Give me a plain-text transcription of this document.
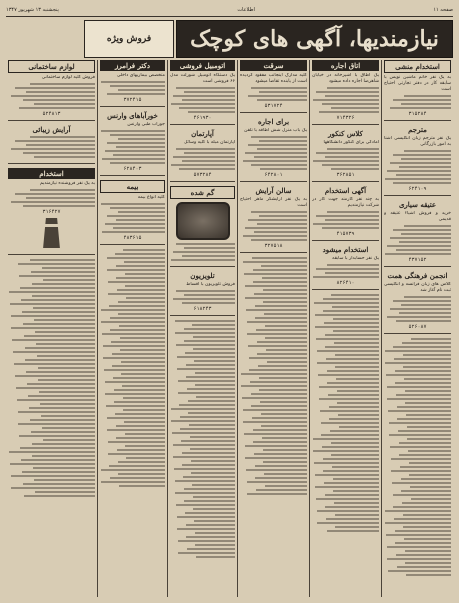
صفحه ۱۱
اطلاعات
پنجشنبه ۱۳ شهریور ۱۳۴۷
نیازمندیها، آگهی های کوچک
فروش ویژه
استخدام منشی
به یک نفر خانم ماشین نویس با سابقه کار در دفتر تجارتی احتیاج است
۳۱۵۲۸۴
مترجم
یک نفر مترجم زبان انگلیسی آشنا به امور بازرگانی
۶۲۴۱۰۹
عتیقه سیاری
خرید و فروش اشیاء عتیقه و قدیمی
۴۳۷۱۵۲
انجمن فرهنگی همت
کلاس های زبان فرانسه و انگلیسی ثبت نام آغاز شد
۵۲۶۰۸۷
اتاق اجاره
یک اطاق با آشپزخانه در خیابان شاهرضا اجاره داده میشود
۷۱۴۳۲۶
کلاس کنکور
آمادگی برای کنکور دانشگاهها
۳۶۲۸۵۱
آگهی استخدام
به چند نفر کارمند جهت کار در شرکت نیازمندیم
۴۱۵۷۳۹
استخدام میشود
یک نفر حسابدار با سابقه
۸۲۶۴۱۰
سرقت
کلیه مدارک اینجانب مفقود گردیده است از یابنده تقاضا میشود
۵۳۱۷۲۴
برای اجاره
یک باب منزل شش اطاقه با تلفن
۶۴۲۸۰۱
سالن آرایش
به یک نفر آرایشگر ماهر احتیاج است
۳۲۷۵۱۸
اتومبیل فروشی
یک دستگاه اتومبیل شورلت مدل ۶۶ فروشی است
۴۶۱۹۳۰
آپارتمان
آپارتمان مبله با کلیه وسائل
۵۷۳۲۸۴
گم شده
تلویزیون
فروش تلویزیون با اقساط
۶۱۸۲۴۳
دکتر فرامرز
متخصص بیماریهای داخلی
۳۷۲۴۱۵
خورآباهای وارنس
جوراب طبی وارنس
۶۲۸۴۰۳
بیمه
کلیه انواع بیمه
۴۸۳۶۱۵
لوازم ساختمانی
فروش کلیه لوازم ساختمانی
۵۲۴۸۱۳
آرایش زیبائی
استخدام
به یک نفر فروشنده نیازمندیم
۳۱۶۴۲۷
